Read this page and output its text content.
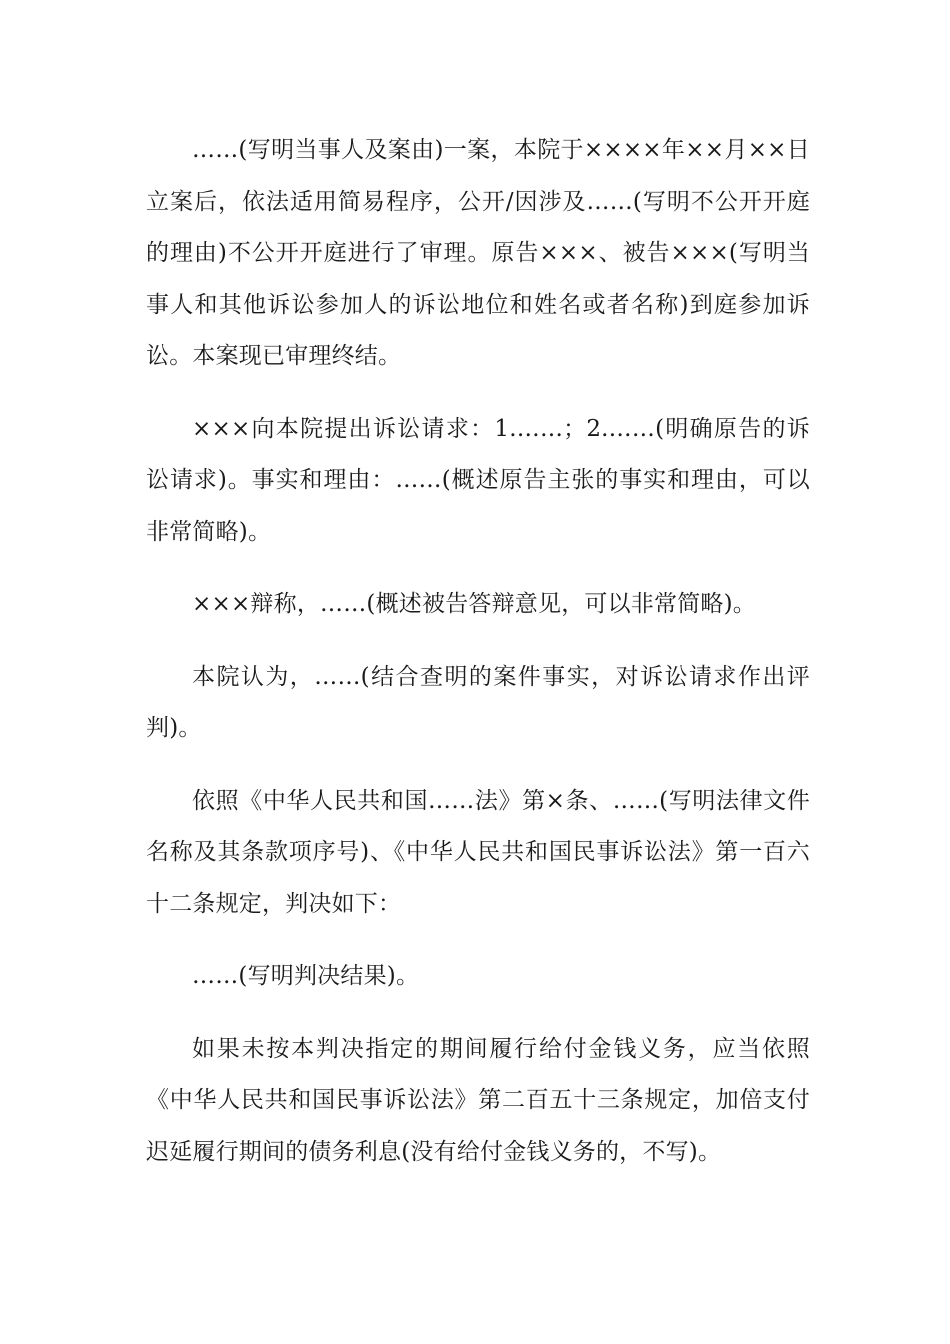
……(写明当事人及案由)一案，本院于××××年××月××日立案后，依法适用简易程序，公开/因涉及……(写明不公开开庭的理由)不公开开庭进行了审理。原告×××、被告×××(写明当事人和其他诉讼参加人的诉讼地位和姓名或者名称)到庭参加诉讼。本案现已审理终结。

×××向本院提出诉讼请求：1.……；2.……(明确原告的诉讼请求)。事实和理由：……(概述原告主张的事实和理由，可以非常简略)。

×××辩称，……(概述被告答辩意见，可以非常简略)。

本院认为，……(结合查明的案件事实，对诉讼请求作出评判)。

依照《中华人民共和国……法》第×条、……(写明法律文件名称及其条款项序号)、《中华人民共和国民事诉讼法》第一百六十二条规定，判决如下：

……(写明判决结果)。

如果未按本判决指定的期间履行给付金钱义务，应当依照《中华人民共和国民事诉讼法》第二百五十三条规定，加倍支付迟延履行期间的债务利息(没有给付金钱义务的，不写)。
